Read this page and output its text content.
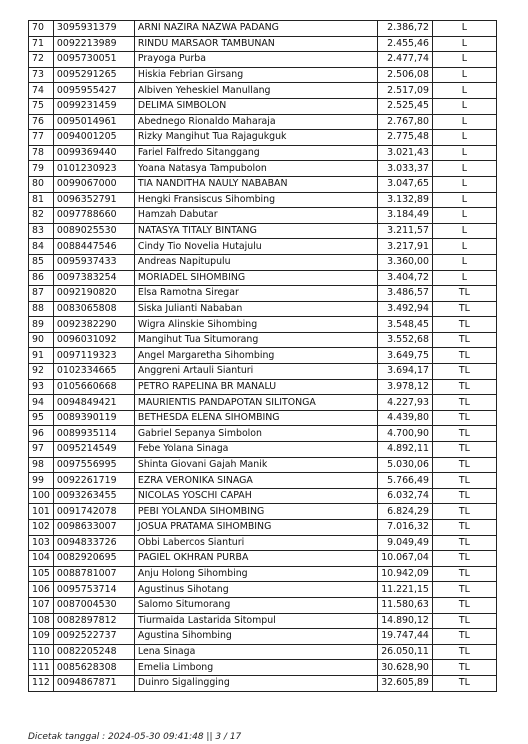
70	3095931379	ARNI NAZIRA NAZWA PADANG	2.386,72	L
71	0092213989	RINDU MARSAOR TAMBUNAN	2.455,46	L
72	0095730051	Prayoga Purba	2.477,74	L
73	0095291265	Hiskia Febrian Girsang	2.506,08	L
74	0095955427	Albiven Yeheskiel Manullang	2.517,09	L
75	0099231459	DELIMA SIMBOLON	2.525,45	L
76	0095014961	Abednego Rionaldo Maharaja	2.767,80	L
77	0094001205	Rizky Mangihut Tua Rajagukguk	2.775,48	L
78	0099369440	Fariel Falfredo Sitanggang	3.021,43	L
79	0101230923	Yoana Natasya Tampubolon	3.033,37	L
80	0099067000	TIA NANDITHA NAULY NABABAN	3.047,65	L
81	0096352791	Hengki Fransiscus Sihombing	3.132,89	L
82	0097788660	Hamzah Dabutar	3.184,49	L
83	0089025530	NATASYA TITALY BINTANG	3.211,57	L
84	0088447546	Cindy Tio Novelia Hutajulu	3.217,91	L
85	0095937433	Andreas Napitupulu	3.360,00	L
86	0097383254	MORIADEL SIHOMBING	3.404,72	L
87	0092190820	Elsa Ramotna Siregar	3.486,57	TL
88	0083065808	Siska Julianti Nababan	3.492,94	TL
89	0092382290	Wigra Alinskie Sihombing	3.548,45	TL
90	0096031092	Mangihut Tua Situmorang	3.552,68	TL
91	0097119323	Angel Margaretha Sihombing	3.649,75	TL
92	0102334665	Anggreni Artauli Sianturi	3.694,17	TL
93	0105660668	PETRO RAPELINA BR MANALU	3.978,12	TL
94	0094849421	MAURIENTIS PANDAPOTAN SILITONGA	4.227,93	TL
95	0089390119	BETHESDA ELENA SIHOMBING	4.439,80	TL
96	0089935114	Gabriel Sepanya Simbolon	4.700,90	TL
97	0095214549	Febe Yolana Sinaga	4.892,11	TL
98	0097556995	Shinta Giovani Gajah Manik	5.030,06	TL
99	0092261719	EZRA VERONIKA SINAGA	5.766,49	TL
100	0093263455	NICOLAS YOSCHI CAPAH	6.032,74	TL
101	0091742078	PEBI YOLANDA SIHOMBING	6.824,29	TL
102	0098633007	JOSUA PRATAMA SIHOMBING	7.016,32	TL
103	0094833726	Obbi Labercos Sianturi	9.049,49	TL
104	0082920695	PAGIEL OKHRAN PURBA	10.067,04	TL
105	0088781007	Anju Holong Sihombing	10.942,09	TL
106	0095753714	Agustinus Sihotang	11.221,15	TL
107	0087004530	Salomo Situmorang	11.580,63	TL
108	0082897812	Tiurmaida Lastarida Sitompul	14.890,12	TL
109	0092522737	Agustina Sihombing	19.747,44	TL
110	0082205248	Lena Sinaga	26.050,11	TL
111	0085628308	Emelia Limbong	30.628,90	TL
112	0094867871	Duinro Sigalingging	32.605,89	TL
Dicetak tanggal : 2024-05-30 09:41:48 || 3 / 17
